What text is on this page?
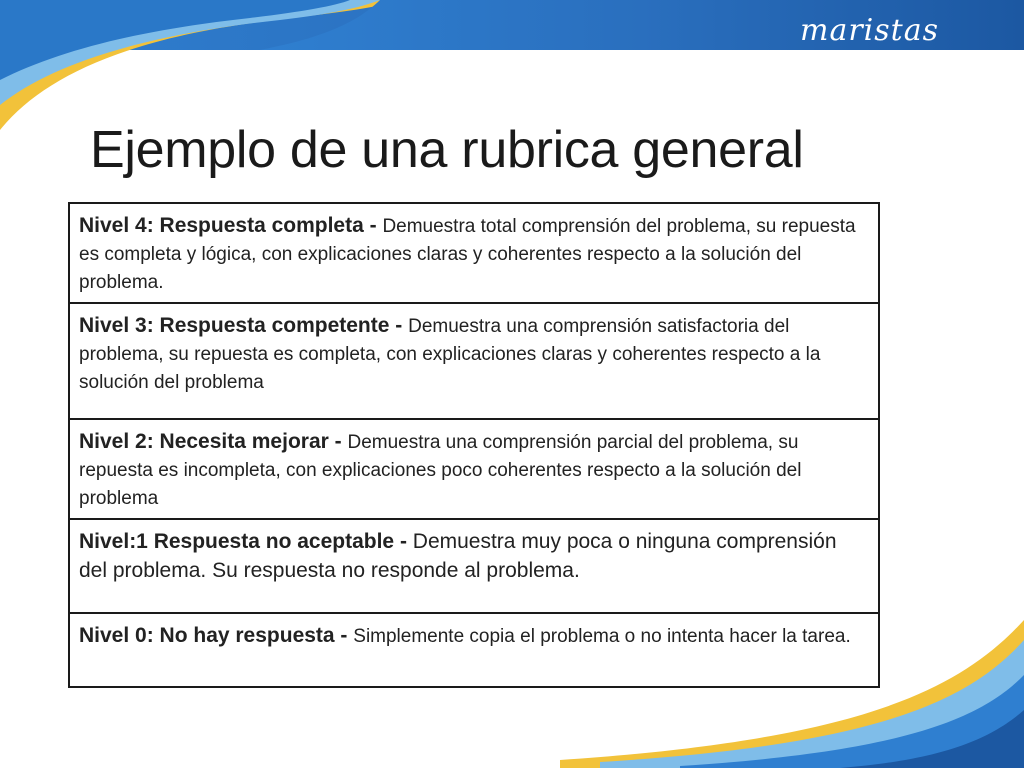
maristas
Ejemplo de una rubrica general
Nivel 4: Respuesta completa - Demuestra total comprensión del problema, su repuesta es completa y lógica, con explicaciones claras y coherentes respecto a la solución del problema.
Nivel 3: Respuesta competente - Demuestra una comprensión satisfactoria del problema, su repuesta es completa, con explicaciones claras y coherentes respecto a la solución del problema
Nivel 2: Necesita mejorar - Demuestra una comprensión parcial del problema, su repuesta es incompleta, con explicaciones poco coherentes respecto a la solución del problema
Nivel:1 Respuesta no aceptable - Demuestra muy poca o ninguna comprensión del problema. Su respuesta no responde al problema.
Nivel 0: No hay respuesta - Simplemente copia el problema o no intenta hacer la tarea.
